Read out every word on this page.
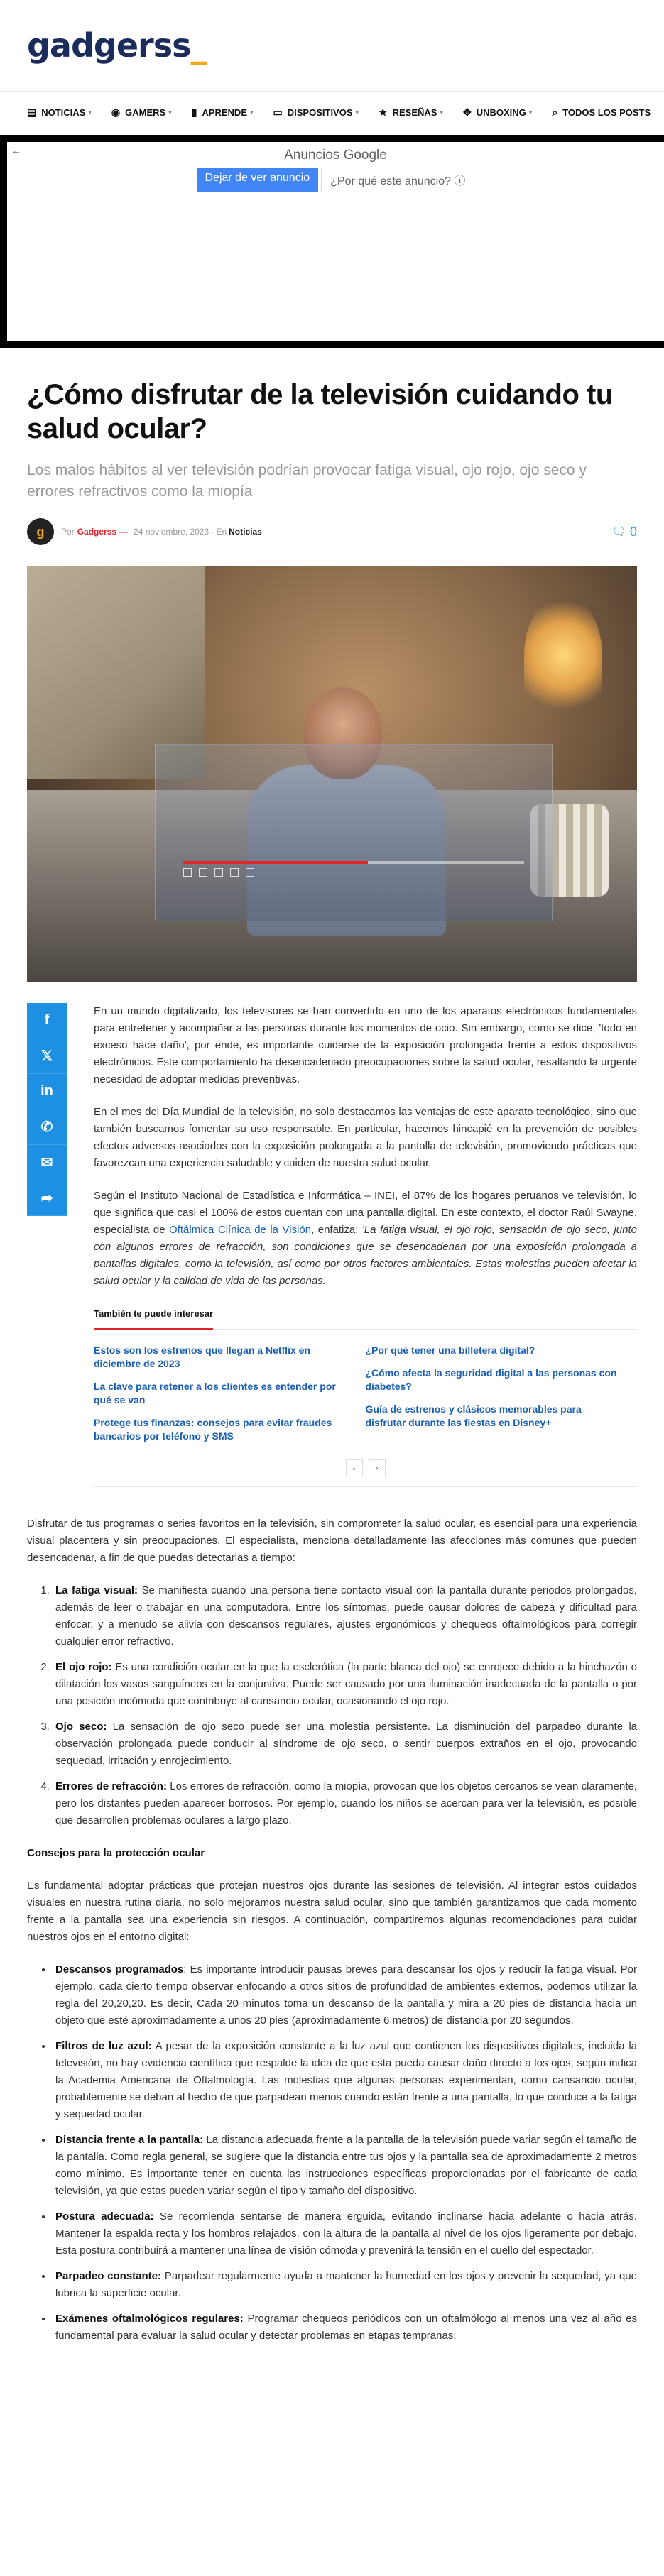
gadgerss_
▤ NOTICIAS ▾ ◉ GAMERS ▾ ▮ APRENDE ▾ ▭ DISPOSITIVOS ▾ ★ RESEÑAS ▾ ✥ UNBOXING ▾ ⌕ TODOS LOS POSTS
←	Anuncios Google
Dejar de ver anuncio	¿Por qué este anuncio? ⓘ
¿Cómo disfrutar de la televisión cuidando tu salud ocular?

Los malos hábitos al ver televisión podrían provocar fatiga visual, ojo rojo, ojo seco y errores refractivos como la miopía

g Por Gadgerss — 24 noviembre, 2023 · En Noticias	🗨 0
f
𝕏
in
✆
✉
➦

En un mundo digitalizado, los televisores se han convertido en uno de los aparatos electrónicos fundamentales para entretener y acompañar a las personas durante los momentos de ocio. Sin embargo, como se dice, 'todo en exceso hace daño', por ende, es importante cuidarse de la exposición prolongada frente a estos dispositivos electrónicos. Este comportamiento ha desencadenado preocupaciones sobre la salud ocular, resaltando la urgente necesidad de adoptar medidas preventivas.

En el mes del Día Mundial de la televisión, no solo destacamos las ventajas de este aparato tecnológico, sino que también buscamos fomentar su uso responsable. En particular, hacemos hincapié en la prevención de posibles efectos adversos asociados con la exposición prolongada a la pantalla de televisión, promoviendo prácticas que favorezcan una experiencia saludable y cuiden de nuestra salud ocular.

Según el Instituto Nacional de Estadística e Informática – INEI, el 87% de los hogares peruanos ve televisión, lo que significa que casi el 100% de estos cuentan con una pantalla digital. En este contexto, el doctor Raúl Swayne, especialista de Oftálmica Clínica de la Visión, enfatiza: 'La fatiga visual, el ojo rojo, sensación de ojo seco, junto con algunos errores de refracción, son condiciones que se desencadenan por una exposición prolongada a pantallas digitales, como la televisión, así como por otros factores ambientales. Estas molestias pueden afectar la salud ocular y la calidad de vida de las personas.

También te puede interesar
Estos son los estrenos que llegan a Netflix en diciembre de 2023
La clave para retener a los clientes es entender por qué se van
Protege tus finanzas: consejos para evitar fraudes bancarios por teléfono y SMS
¿Por qué tener una billetera digital?
¿Cómo afecta la seguridad digital a las personas con diabetes?
Guía de estrenos y clásicos memorables para disfrutar durante las fiestas en Disney+
‹	›

Disfrutar de tus programas o series favoritos en la televisión, sin comprometer la salud ocular, es esencial para una experiencia visual placentera y sin preocupaciones. El especialista, menciona detalladamente las afecciones más comunes que pueden desencadenar, a fin de que puedas detectarlas a tiempo:

1. La fatiga visual: Se manifiesta cuando una persona tiene contacto visual con la pantalla durante periodos prolongados, además de leer o trabajar en una computadora. Entre los síntomas, puede causar dolores de cabeza y dificultad para enfocar, y a menudo se alivia con descansos regulares, ajustes ergonómicos y chequeos oftalmológicos para corregir cualquier error refractivo.
2. El ojo rojo: Es una condición ocular en la que la esclerótica (la parte blanca del ojo) se enrojece debido a la hinchazón o dilatación los vasos sanguíneos en la conjuntiva. Puede ser causado por una iluminación inadecuada de la pantalla o por una posición incómoda que contribuye al cansancio ocular, ocasionando el ojo rojo.
3. Ojo seco: La sensación de ojo seco puede ser una molestia persistente. La disminución del parpadeo durante la observación prolongada puede conducir al síndrome de ojo seco, o sentir cuerpos extraños en el ojo, provocando sequedad, irritación y enrojecimiento.
4. Errores de refracción: Los errores de refracción, como la miopía, provocan que los objetos cercanos se vean claramente, pero los distantes pueden aparecer borrosos. Por ejemplo, cuando los niños se acercan para ver la televisión, es posible que desarrollen problemas oculares a largo plazo.
Consejos para la protección ocular

Es fundamental adoptar prácticas que protejan nuestros ojos durante las sesiones de televisión. Al integrar estos cuidados visuales en nuestra rutina diaria, no solo mejoramos nuestra salud ocular, sino que también garantizamos que cada momento frente a la pantalla sea una experiencia sin riesgos. A continuación, compartiremos algunas recomendaciones para cuidar nuestros ojos en el entorno digital:

• Descansos programados: Es importante introducir pausas breves para descansar los ojos y reducir la fatiga visual. Por ejemplo, cada cierto tiempo observar enfocando a otros sitios de profundidad de ambientes externos, podemos utilizar la regla del 20,20,20. Es decir, Cada 20 minutos toma un descanso de la pantalla y mira a 20 pies de distancia hacia un objeto que esté aproximadamente a unos 20 pies (aproximadamente 6 metros) de distancia por 20 segundos.
• Filtros de luz azul: A pesar de la exposición constante a la luz azul que contienen los dispositivos digitales, incluida la televisión, no hay evidencia científica que respalde la idea de que esta pueda causar daño directo a los ojos, según indica la Academia Americana de Oftalmología. Las molestias que algunas personas experimentan, como cansancio ocular, probablemente se deban al hecho de que parpadean menos cuando están frente a una pantalla, lo que conduce a la fatiga y sequedad ocular.
• Distancia frente a la pantalla: La distancia adecuada frente a la pantalla de la televisión puede variar según el tamaño de la pantalla. Como regla general, se sugiere que la distancia entre tus ojos y la pantalla sea de aproximadamente 2 metros como mínimo. Es importante tener en cuenta las instrucciones específicas proporcionadas por el fabricante de cada televisión, ya que estas pueden variar según el tipo y tamaño del dispositivo.
• Postura adecuada: Se recomienda sentarse de manera erguida, evitando inclinarse hacia adelante o hacia atrás. Mantener la espalda recta y los hombros relajados, con la altura de la pantalla al nivel de los ojos ligeramente por debajo. Esta postura contribuirá a mantener una línea de visión cómoda y prevenirá la tensión en el cuello del espectador.
• Parpadeo constante: Parpadear regularmente ayuda a mantener la humedad en los ojos y prevenir la sequedad, ya que lubrica la superficie ocular.
• Exámenes oftalmológicos regulares: Programar chequeos periódicos con un oftalmólogo al menos una vez al año es fundamental para evaluar la salud ocular y detectar problemas en etapas tempranas.
